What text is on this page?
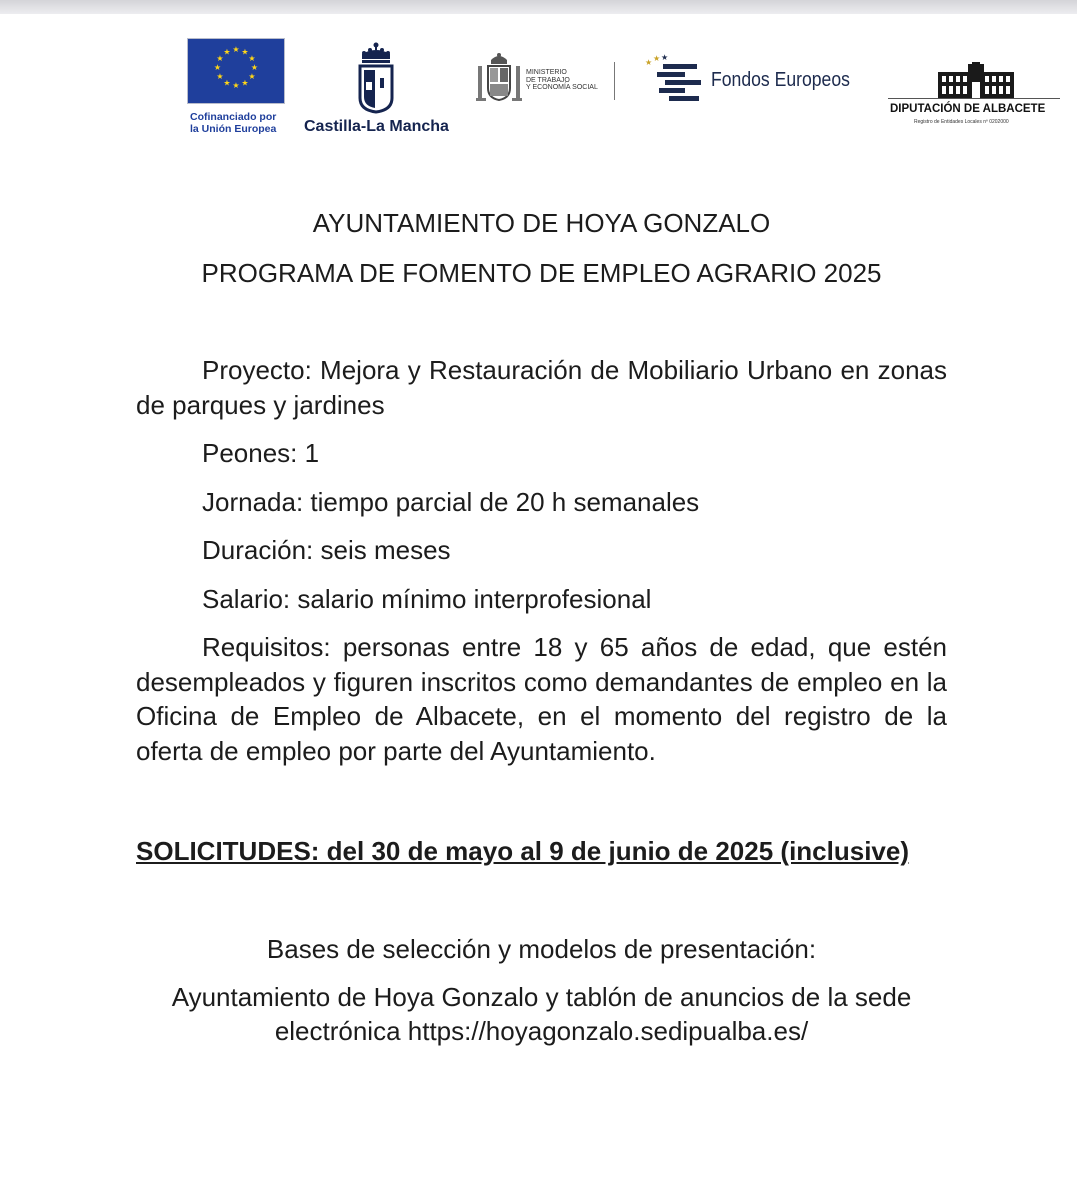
★ ★
★
★
★
★
★
★
★
★
★
★
Cofinanciado por
la Unión Europea	Castilla-La Mancha
MINISTERIO
DE TRABAJO
Y ECONOMÍA SOCIAL
★ ★ ★
Fondos Europeos
DIPUTACIÓN DE ALBACETE
Registro de Entidades Locales nº 0202000
AYUNTAMIENTO DE HOYA GONZALO
PROGRAMA DE FOMENTO DE EMPLEO AGRARIO 2025

Proyecto: Mejora y Restauración de Mobiliario Urbano en zonas de parques y jardines

Peones: 1

Jornada: tiempo parcial de 20 h semanales

Duración: seis meses

Salario: salario mínimo interprofesional

Requisitos: personas entre 18 y 65 años de edad, que estén desempleados y figuren inscritos como demandantes de empleo en la Oficina de Empleo de Albacete, en el momento del registro de la oferta de empleo por parte del Ayuntamiento.

SOLICITUDES: del 30 de mayo al 9 de junio de 2025 (inclusive)

Bases de selección y modelos de presentación:

Ayuntamiento de Hoya Gonzalo y tablón de anuncios de la sede electrónica https://hoyagonzalo.sedipualba.es/
